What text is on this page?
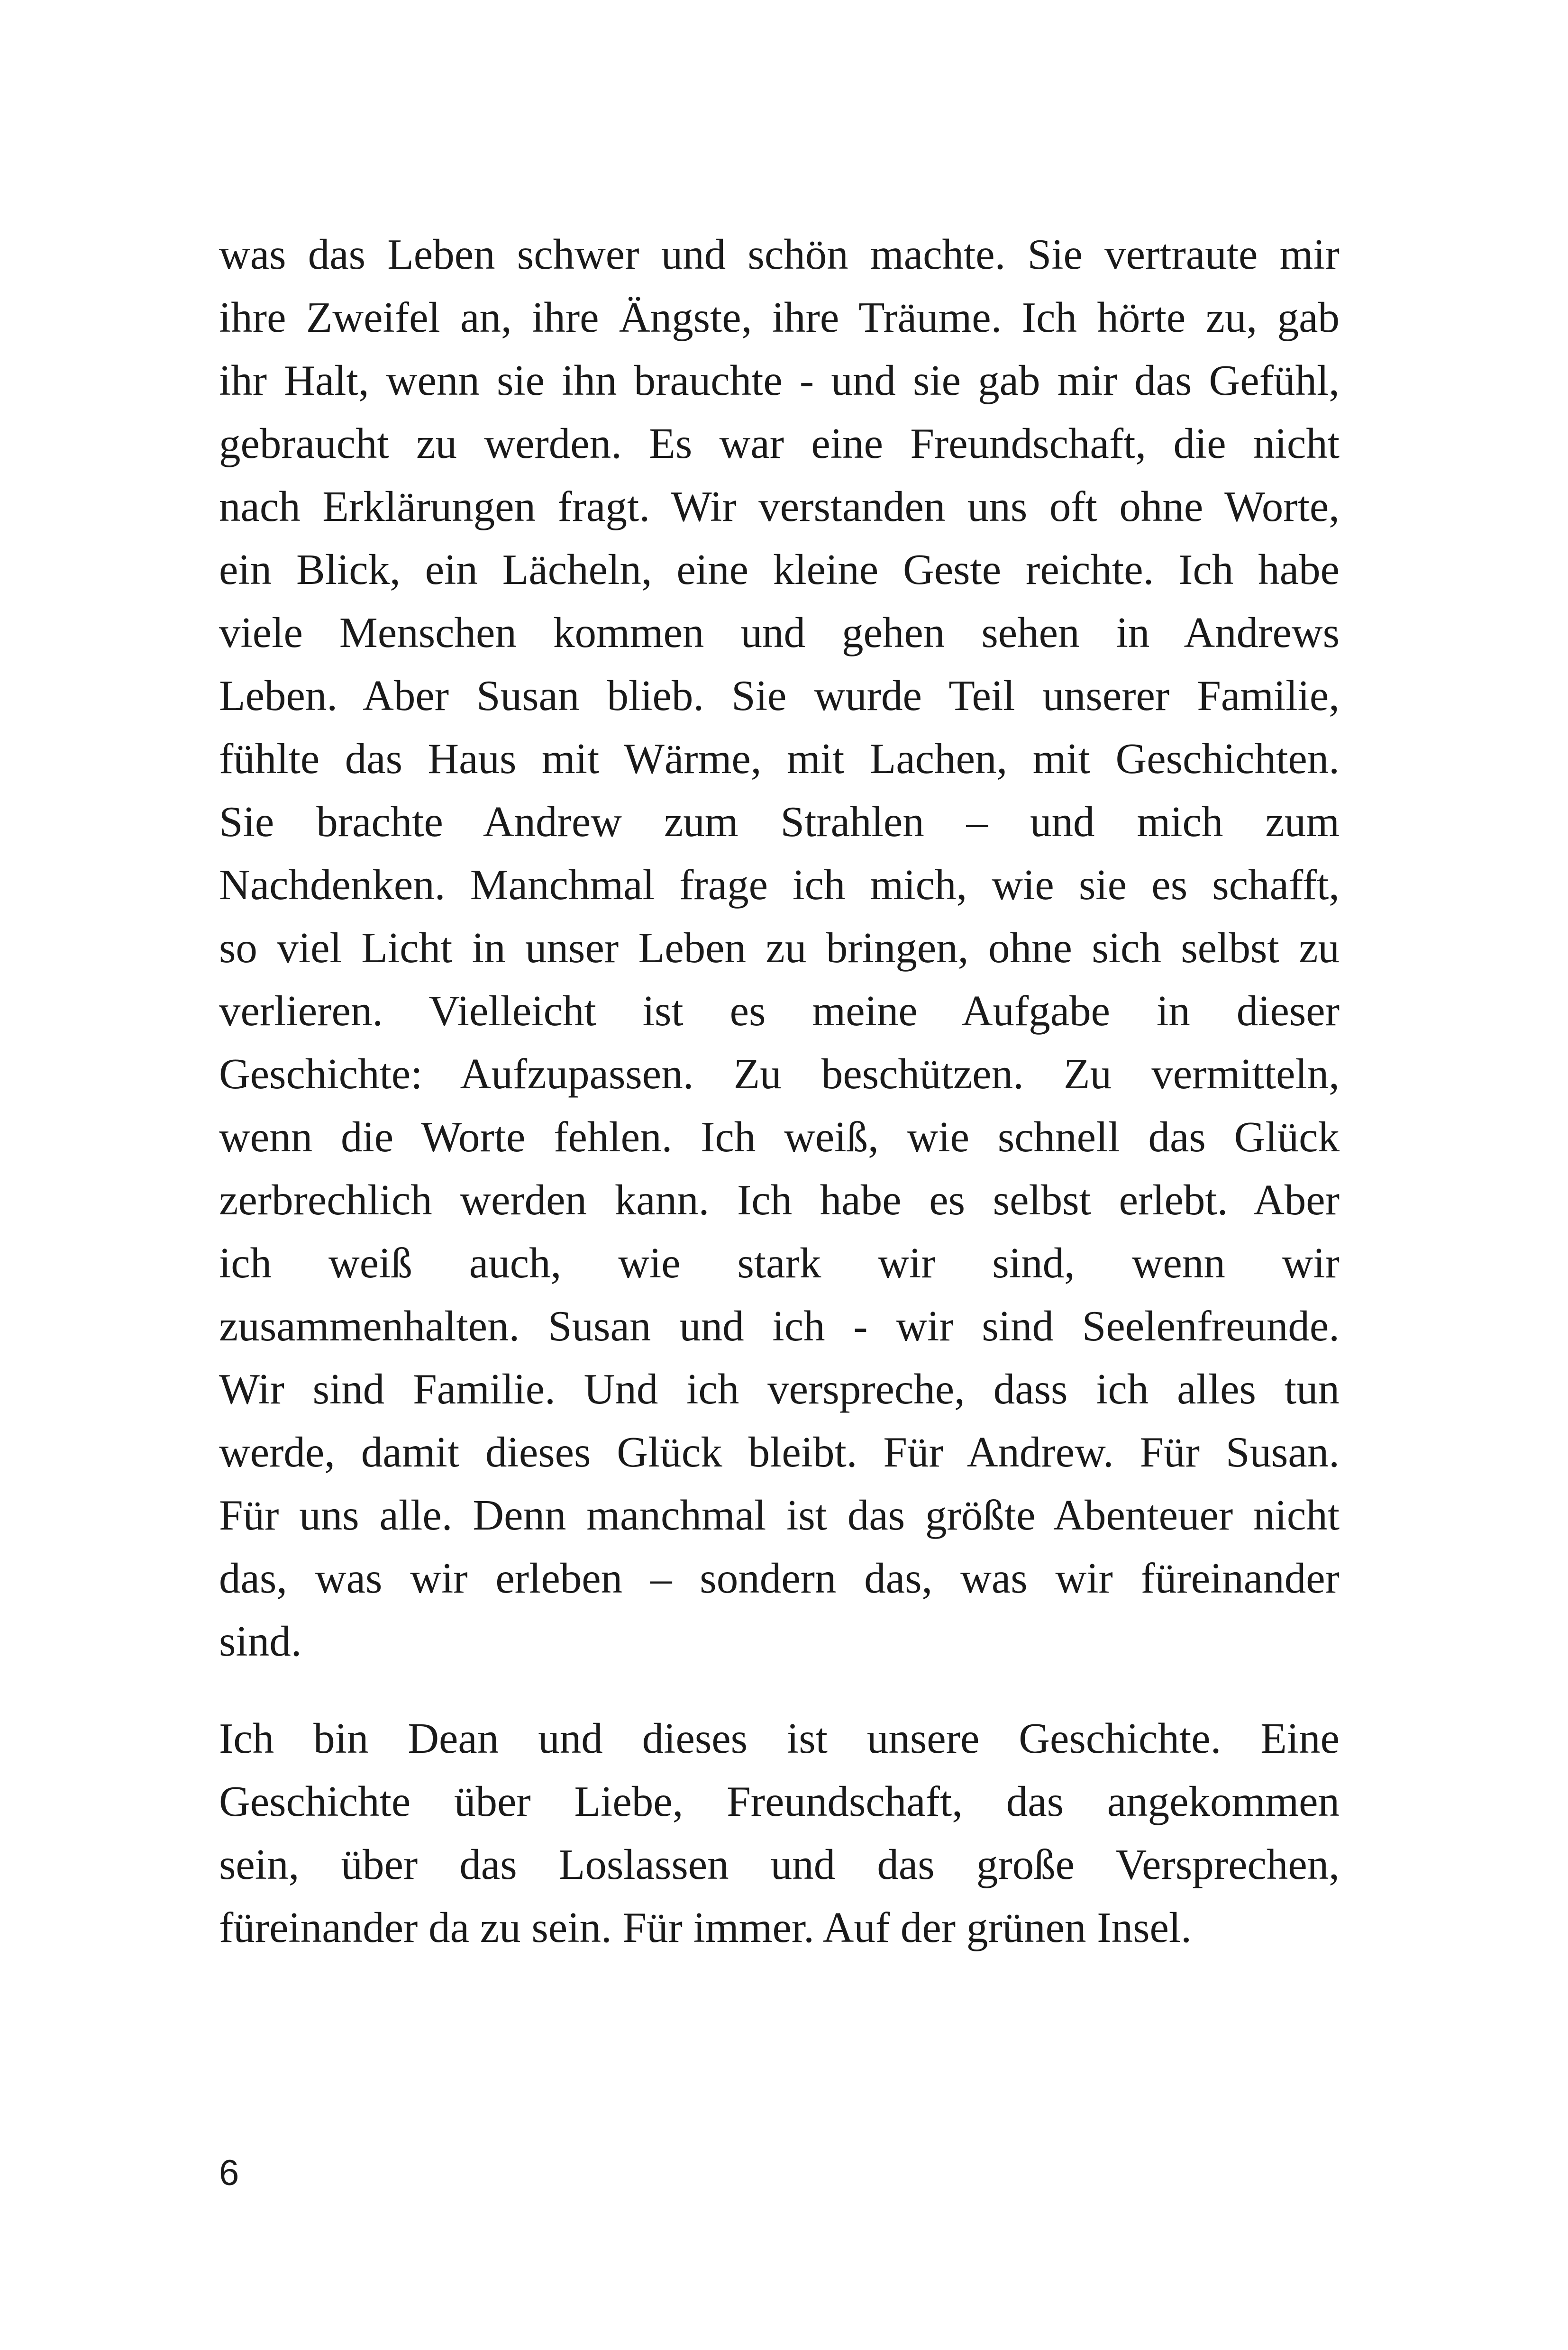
was das Leben schwer und schön machte. Sie vertraute mir
ihre Zweifel an, ihre Ängste, ihre Träume. Ich hörte zu, gab
ihr Halt, wenn sie ihn brauchte - und sie gab mir das Gefühl,
gebraucht zu werden. Es war eine Freundschaft, die nicht
nach Erklärungen fragt. Wir verstanden uns oft ohne Worte,
ein Blick, ein Lächeln, eine kleine Geste reichte. Ich habe
viele Menschen kommen und gehen sehen in Andrews
Leben. Aber Susan blieb. Sie wurde Teil unserer Familie,
fühlte das Haus mit Wärme, mit Lachen, mit Geschichten.
Sie brachte Andrew zum Strahlen – und mich zum
Nachdenken. Manchmal frage ich mich, wie sie es schafft,
so viel Licht in unser Leben zu bringen, ohne sich selbst zu
verlieren. Vielleicht ist es meine Aufgabe in dieser
Geschichte: Aufzupassen. Zu beschützen. Zu vermitteln,
wenn die Worte fehlen. Ich weiß, wie schnell das Glück
zerbrechlich werden kann. Ich habe es selbst erlebt. Aber
ich weiß auch, wie stark wir sind, wenn wir
zusammenhalten. Susan und ich - wir sind Seelenfreunde.
Wir sind Familie. Und ich verspreche, dass ich alles tun
werde, damit dieses Glück bleibt. Für Andrew. Für Susan.
Für uns alle. Denn manchmal ist das größte Abenteuer nicht
das, was wir erleben – sondern das, was wir füreinander
sind.
Ich bin Dean und dieses ist unsere Geschichte. Eine
Geschichte über Liebe, Freundschaft, das angekommen
sein, über das Loslassen und das große Versprechen,
füreinander da zu sein. Für immer. Auf der grünen Insel.
6
